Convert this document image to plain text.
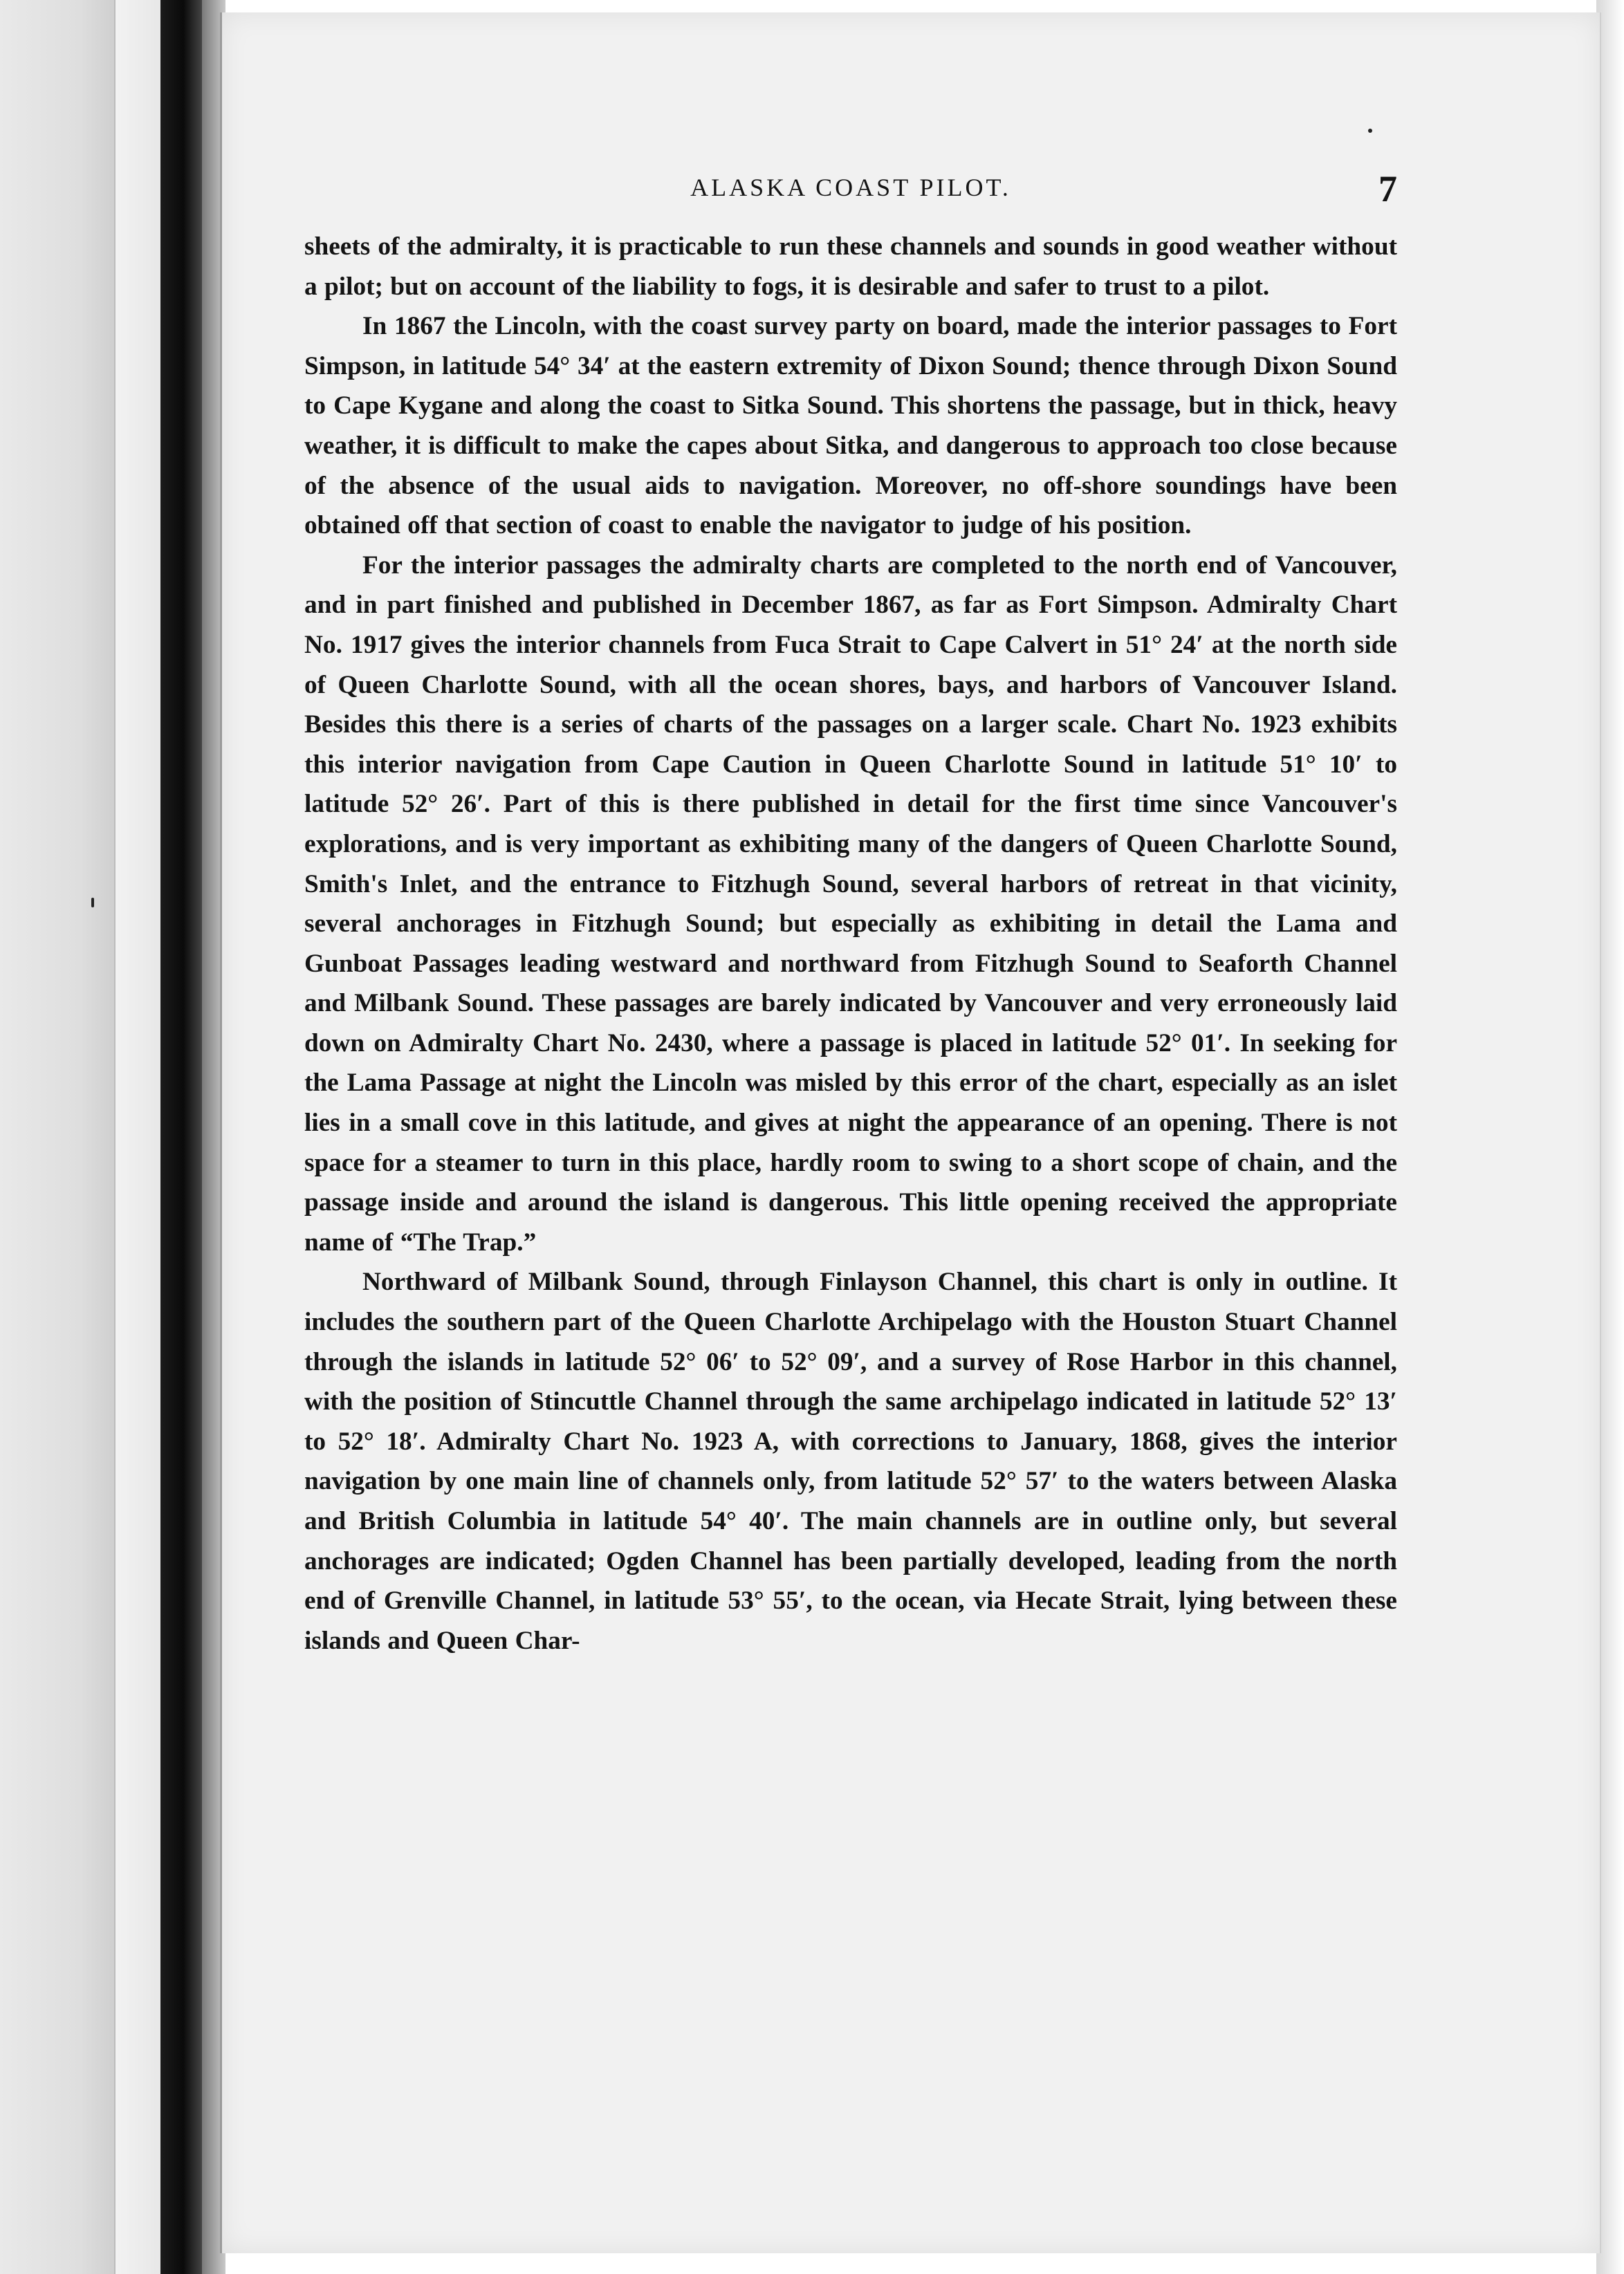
ALASKA COAST PILOT.	7

sheets of the admiralty, it is practicable to run these channels and sounds in good weather without a pilot; but on account of the liability to fogs, it is desirable and safer to trust to a pilot.

In 1867 the Lincoln, with the coast survey party on board, made the interior passages to Fort Simpson, in latitude 54° 34′ at the eastern extremity of Dixon Sound; thence through Dixon Sound to Cape Kygane and along the coast to Sitka Sound. This shortens the passage, but in thick, heavy weather, it is difficult to make the capes about Sitka, and dangerous to approach too close because of the absence of the usual aids to navigation. Moreover, no off-shore soundings have been obtained off that section of coast to enable the navigator to judge of his position.

For the interior passages the admiralty charts are completed to the north end of Vancouver, and in part finished and published in December 1867, as far as Fort Simpson. Admiralty Chart No. 1917 gives the interior channels from Fuca Strait to Cape Calvert in 51° 24′ at the north side of Queen Charlotte Sound, with all the ocean shores, bays, and harbors of Vancouver Island. Besides this there is a series of charts of the passages on a larger scale. Chart No. 1923 exhibits this interior navigation from Cape Caution in Queen Charlotte Sound in latitude 51° 10′ to latitude 52° 26′. Part of this is there published in detail for the first time since Vancouver's explorations, and is very important as exhibiting many of the dangers of Queen Charlotte Sound, Smith's Inlet, and the entrance to Fitzhugh Sound, several harbors of retreat in that vicinity, several anchorages in Fitzhugh Sound; but especially as exhibiting in detail the Lama and Gunboat Passages leading westward and northward from Fitzhugh Sound to Seaforth Channel and Milbank Sound. These passages are barely indicated by Vancouver and very erroneously laid down on Admiralty Chart No. 2430, where a passage is placed in latitude 52° 01′. In seeking for the Lama Passage at night the Lincoln was misled by this error of the chart, especially as an islet lies in a small cove in this latitude, and gives at night the appearance of an opening. There is not space for a steamer to turn in this place, hardly room to swing to a short scope of chain, and the passage inside and around the island is dangerous. This little opening received the appropriate name of “The Trap.”

Northward of Milbank Sound, through Finlayson Channel, this chart is only in outline. It includes the southern part of the Queen Charlotte Archipelago with the Houston Stuart Channel through the islands in latitude 52° 06′ to 52° 09′, and a survey of Rose Harbor in this channel, with the position of Stincuttle Channel through the same archipelago indicated in latitude 52° 13′ to 52° 18′. Admiralty Chart No. 1923 A, with corrections to January, 1868, gives the interior navigation by one main line of channels only, from latitude 52° 57′ to the waters between Alaska and British Columbia in latitude 54° 40′. The main channels are in outline only, but several anchorages are indicated; Ogden Channel has been partially developed, leading from the north end of Grenville Channel, in latitude 53° 55′, to the ocean, via Hecate Strait, lying between these islands and Queen Char-
